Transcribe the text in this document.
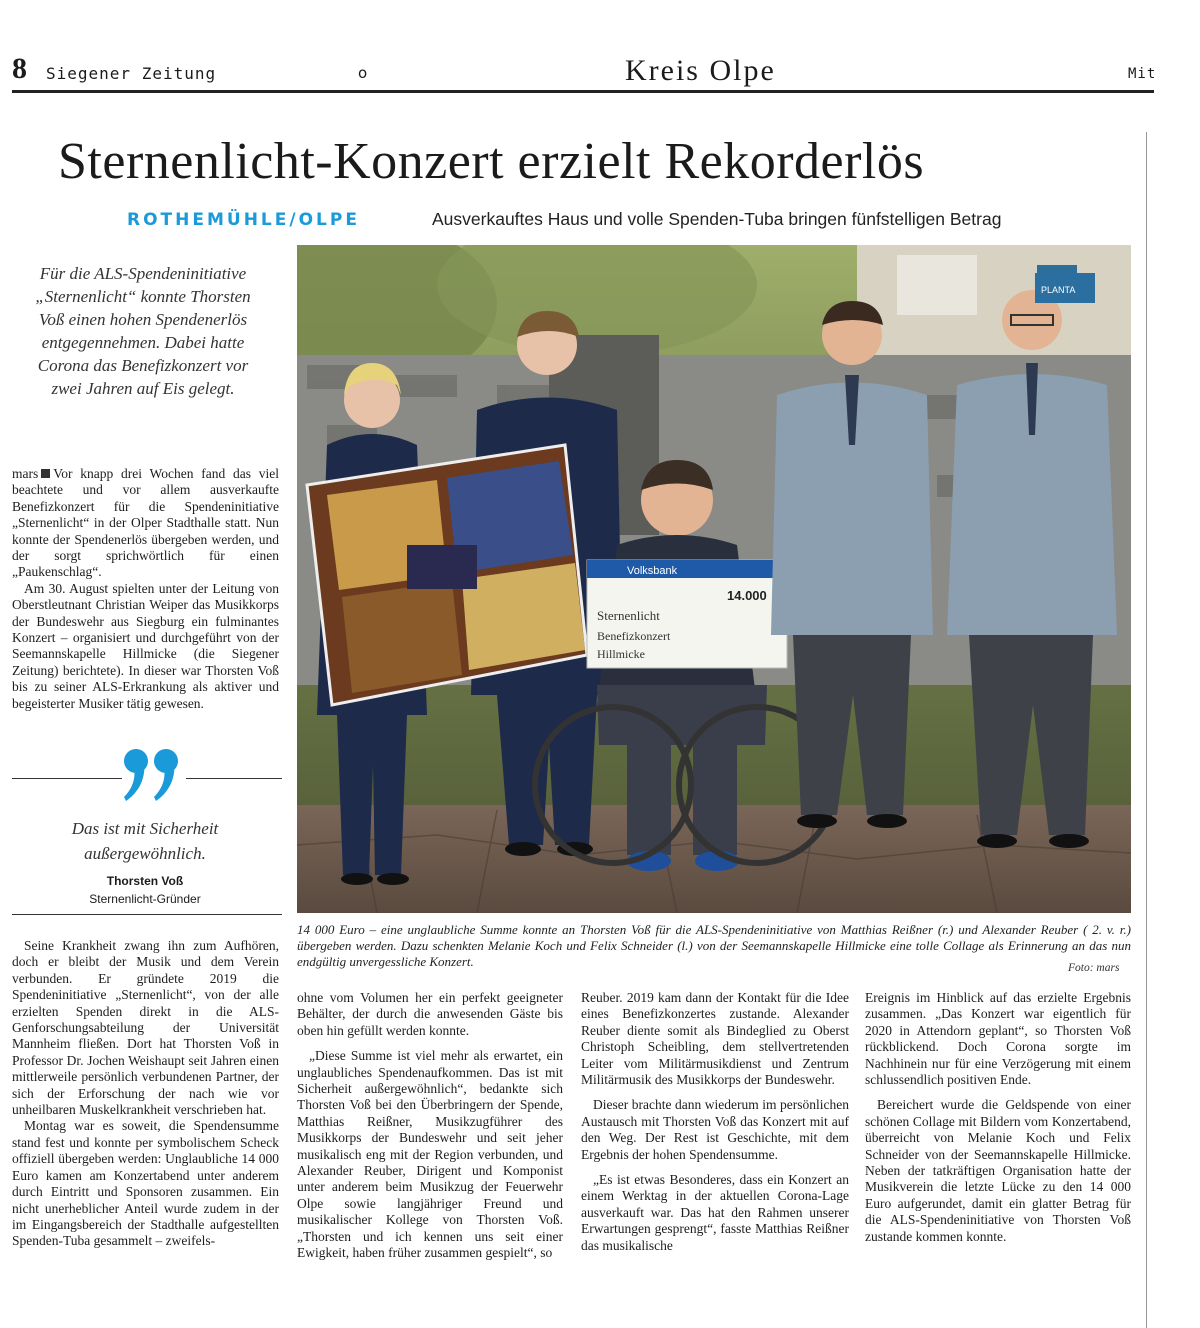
8 Siegener Zeitung	o	Kreis Olpe	Mit
Sternenlicht-Konzert erzielt Rekorderlös
ROTHEMÜHLE/OLPE	Ausverkauftes Haus und volle Spenden-Tuba bringen fünfstelligen Betrag
Für die ALS-Spendeninitiative „Sternenlicht“ konnte Thorsten Voß einen hohen Spendenerlös entgegennehmen. Dabei hatte Corona das Benefizkonzert vor zwei Jahren auf Eis gelegt.

mars Vor knapp drei Wochen fand das viel beachtete und vor allem ausverkaufte Benefizkonzert für die Spendeninitiative „Sternenlicht“ in der Olper Stadthalle statt. Nun konnte der Spendenerlös übergeben werden, und der sorgt sprichwörtlich für einen „Paukenschlag“.

Am 30. August spielten unter der Leitung von Oberstleutnant Christian Weiper das Musikkorps der Bundeswehr aus Siegburg ein fulminantes Konzert – organisiert und durchgeführt von der Seemannskapelle Hillmicke (die Siegener Zeitung) berichtete). In dieser war Thorsten Voß bis zu seiner ALS-Erkrankung als aktiver und begeisterter Musiker tätig gewesen.

Das ist mit Sicherheit außergewöhnlich.
Thorsten Voß
Sternenlicht-Gründer

Seine Krankheit zwang ihn zum Aufhören, doch er bleibt der Musik und dem Verein verbunden. Er gründete 2019 die Spendeninitiative „Sternenlicht“, von der alle erzielten Spenden direkt in die ALS-Genforschungsabteilung der Universität Mannheim fließen. Dort hat Thorsten Voß in Professor Dr. Jochen Weishaupt seit Jahren einen mittlerweile persönlich verbundenen Partner, der sich der Erforschung der nach wie vor unheilbaren Muskelkrankheit verschrieben hat.

Montag war es soweit, die Spendensumme stand fest und konnte per symbolischem Scheck offiziell übergeben werden: Unglaubliche 14 000 Euro kamen am Konzertabend unter anderem durch Eintritt und Sponsoren zusammen. Ein nicht unerheblicher Anteil wurde zudem in der im Eingangsbereich der Stadthalle aufgestellten Spenden-Tuba gesammelt – zweifels-

ohne vom Volumen her ein perfekt geeigneter Behälter, der durch die anwesenden Gäste bis oben hin gefüllt werden konnte.

„Diese Summe ist viel mehr als erwartet, ein unglaubliches Spendenaufkommen. Das ist mit Sicherheit außergewöhnlich“, bedankte sich Thorsten Voß bei den Überbringern der Spende, Matthias Reißner, Musikzugführer des Musikkorps der Bundeswehr und seit jeher musikalisch eng mit der Region verbunden, und Alexander Reuber, Dirigent und Komponist unter anderem beim Musikzug der Feuerwehr Olpe sowie langjähriger Freund und musikalischer Kollege von Thorsten Voß. „Thorsten und ich kennen uns seit einer Ewigkeit, haben früher zusammen gespielt“, so

Reuber. 2019 kam dann der Kontakt für die Idee eines Benefizkonzertes zustande. Alexander Reuber diente somit als Bindeglied zu Oberst Christoph Scheibling, dem stellvertretenden Leiter vom Militärmusikdienst und Zentrum Militärmusik des Musikkorps der Bundeswehr.

Dieser brachte dann wiederum im persönlichen Austausch mit Thorsten Voß das Konzert mit auf den Weg. Der Rest ist Geschichte, mit dem Ergebnis der hohen Spendensumme.

„Es ist etwas Besonderes, dass ein Konzert an einem Werktag in der aktuellen Corona-Lage ausverkauft war. Das hat den Rahmen unserer Erwartungen gesprengt“, fasste Matthias Reißner das musikalische

Ereignis im Hinblick auf das erzielte Ergebnis zusammen. „Das Konzert war eigentlich für 2020 in Attendorn geplant“, so Thorsten Voß rückblickend. Doch Corona sorgte im Nachhinein nur für eine Verzögerung mit einem schlussendlich positiven Ende.

Bereichert wurde die Geldspende von einer schönen Collage mit Bildern vom Konzertabend, überreicht von Melanie Koch und Felix Schneider von der Seemannskapelle Hillmicke. Neben der tatkräftigen Organisation hatte der Musikverein die letzte Lücke zu den 14 000 Euro aufgerundet, damit ein glatter Betrag für die ALS-Spendeninitiative von Thorsten Voß zustande kommen konnte.

Volksbank
14.000
Sternenlicht
Benefizkonzert
Hillmicke
PLANTA
14 000 Euro – eine unglaubliche Summe konnte an Thorsten Voß für die ALS-Spendeninitiative von Matthias Reißner (r.) und Alexander Reuber ( 2. v. r.) übergeben werden. Dazu schenkten Melanie Koch und Felix Schneider (l.) von der Seemannskapelle Hillmicke eine tolle Collage als Erinnerung an das nun endgültig unvergessliche Konzert.	Foto: mars
